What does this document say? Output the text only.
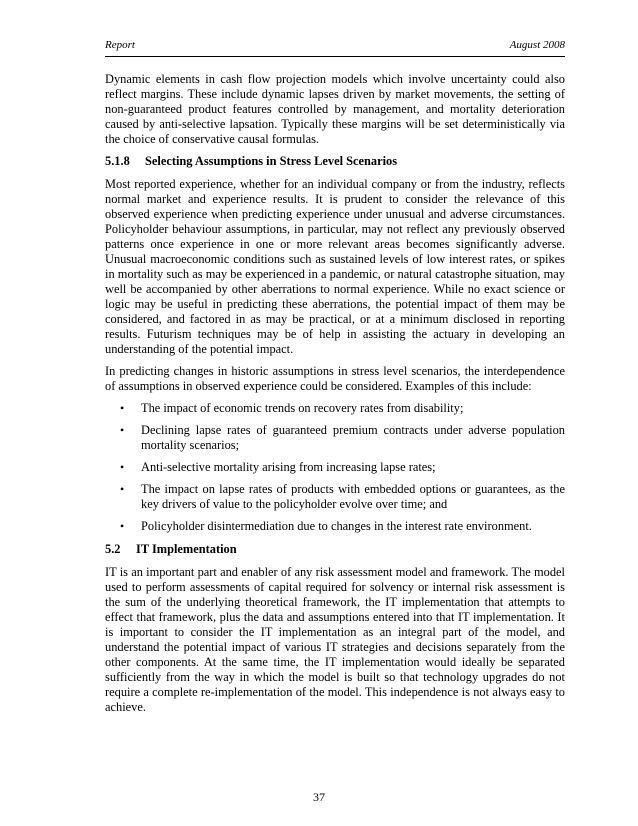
Report	August 2008

Dynamic elements in cash flow projection models which involve uncertainty could also reflect margins. These include dynamic lapses driven by market movements, the setting of non-guaranteed product features controlled by management, and mortality deterioration caused by anti-selective lapsation. Typically these margins will be set deterministically via the choice of conservative causal formulas.

5.1.8 Selecting Assumptions in Stress Level Scenarios

Most reported experience, whether for an individual company or from the industry, reflects normal market and experience results. It is prudent to consider the relevance of this observed experience when predicting experience under unusual and adverse circumstances. Policyholder behaviour assumptions, in particular, may not reflect any previously observed patterns once experience in one or more relevant areas becomes significantly adverse. Unusual macroeconomic conditions such as sustained levels of low interest rates, or spikes in mortality such as may be experienced in a pandemic, or natural catastrophe situation, may well be accompanied by other aberrations to normal experience. While no exact science or logic may be useful in predicting these aberrations, the potential impact of them may be considered, and factored in as may be practical, or at a minimum disclosed in reporting results. Futurism techniques may be of help in assisting the actuary in developing an understanding of the potential impact.

In predicting changes in historic assumptions in stress level scenarios, the interdependence of assumptions in observed experience could be considered. Examples of this include:

• The impact of economic trends on recovery rates from disability;
• Declining lapse rates of guaranteed premium contracts under adverse population mortality scenarios;
• Anti-selective mortality arising from increasing lapse rates;
• The impact on lapse rates of products with embedded options or guarantees, as the key drivers of value to the policyholder evolve over time; and
• Policyholder disintermediation due to changes in the interest rate environment.
5.2 IT Implementation

IT is an important part and enabler of any risk assessment model and framework. The model used to perform assessments of capital required for solvency or internal risk assessment is the sum of the underlying theoretical framework, the IT implementation that attempts to effect that framework, plus the data and assumptions entered into that IT implementation. It is important to consider the IT implementation as an integral part of the model, and understand the potential impact of various IT strategies and decisions separately from the other components. At the same time, the IT implementation would ideally be separated sufficiently from the way in which the model is built so that technology upgrades do not require a complete re-implementation of the model. This independence is not always easy to achieve.

37
